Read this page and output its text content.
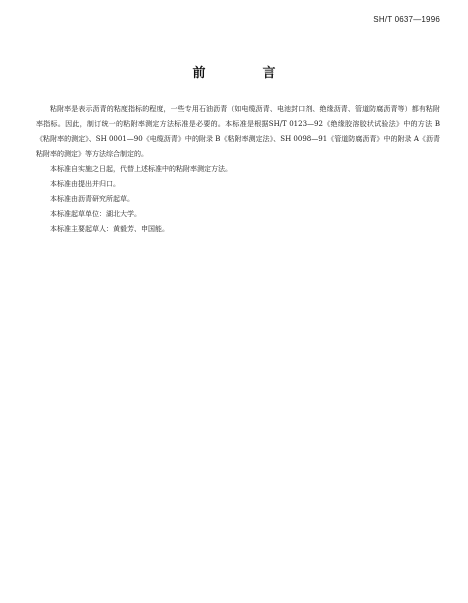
SH/T 0637—1996
前　言

粘附率是表示沥青的粘度指标的程度，一些专用石油沥青（如电缆沥青、电池封口剂、绝缘沥青、管道防腐沥青等）都有粘附率指标。因此，制订统一的粘附率测定方法标准是必要的。本标准是根据SH/T 0123—92《绝缘胶溶胶状试验法》中的方法 B《粘附率的测定》、SH 0001—90《电缆沥青》中的附录 B《粘附率测定法》、SH 0098—91《管道防腐沥青》中的附录 A《沥青粘附率的测定》等方法综合制定的。

本标准自实施之日起，代替上述标准中的粘附率测定方法。

本标准由提出并归口。

本标准由沥青研究所起草。

本标准起草单位：湖北大学。

本标准主要起草人：黄毅芳、申国能。
